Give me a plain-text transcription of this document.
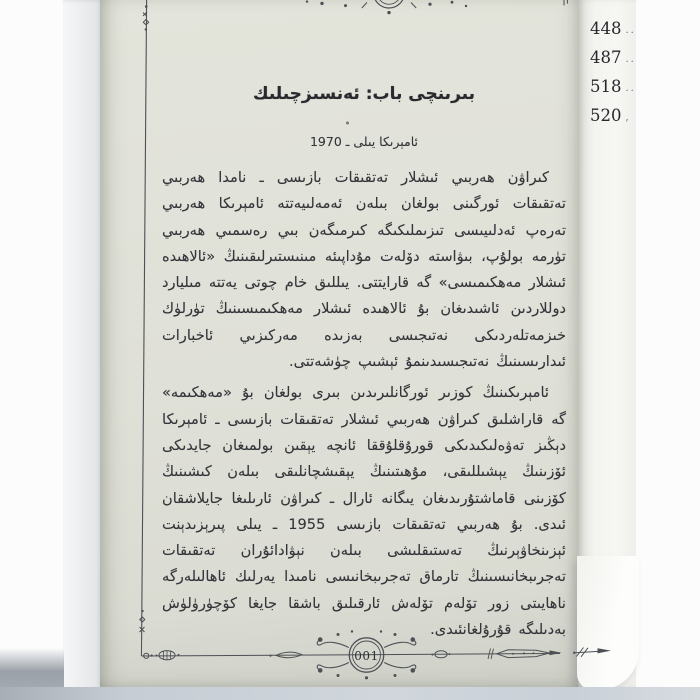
448 ..
487 ..
518 ..
520 ,
بىرىنچى باب: ئەنسىزچىلىك
ئامېرىكا يىلى ـ 1970

كىراۋن ھەربىي ئىشلار تەتقىقات بازىسى ـ نامدا ھەربىي تەتقىقات ئورگىنى بولغان بىلەن ئەمەلىيەتتە ئامېرىكا ھەربىي تەرەپ ئەدلىيىسى تىزىملىكىگە كىرمىگەن بىي رەسمىي ھەربىي تۈرمە بولۇپ، بىۋاستە دۆلەت مۇداپىئە مىنىستىرلىقىنىڭ «ئالاھىدە ئىشلار مەھكىمىسى» گە قارايتتى. يىللىق خام چوتى يەتتە مىليارد دوللاردىن ئاشىدىغان بۇ ئالاھىدە ئىشلار مەھكىمىسىنىڭ تۈرلۈك خىزمەتلەردىكى نەتىجىسى بەزىدە مەركىزىي ئاخبارات ئىدارىسىنىڭ نەتىجىسىدىنمۇ ئېشىپ چۈشەتتى.

ئامېرىكىنىڭ كوزىر ئورگانلىرىدىن بىرى بولغان بۇ «مەھكىمە» گە قاراشلىق كىراۋن ھەربىي ئىشلار تەتقىقات بازىسى ـ ئامېرىكا دېڭىز تەۋەلىكىدىكى قورۇقلۇققا ئانچە يېقىن بولمىغان جايدىكى ئۆزىنىڭ يېشىللىقى، مۇھىتىنىڭ يېقىشچانلىقى بىلەن كىشىنىڭ كۆزىنى قاماشتۇرىدىغان يىگانە ئارال ـ كىراۋن ئارىلىغا جايلاشقان ئىدى. بۇ ھەربىي تەتقىقات بازىسى 1955 ـ يىلى پىرېزىدېنت ئېزىنخاۋېرنىڭ تەستىقلىشى بىلەن نېۋادائۇران تەتقىقات تەجرىبخانىسىنىڭ تارماق تەجرىبخانىسى نامىدا يەرلىك ئاھالىلەرگە ناھايىتى زور تۆلەم تۆلەش ئارقىلىق باشقا جايغا كۆچۈرۈلۈش بەدىلىگە قۇرۇلغانئىدى.

001
